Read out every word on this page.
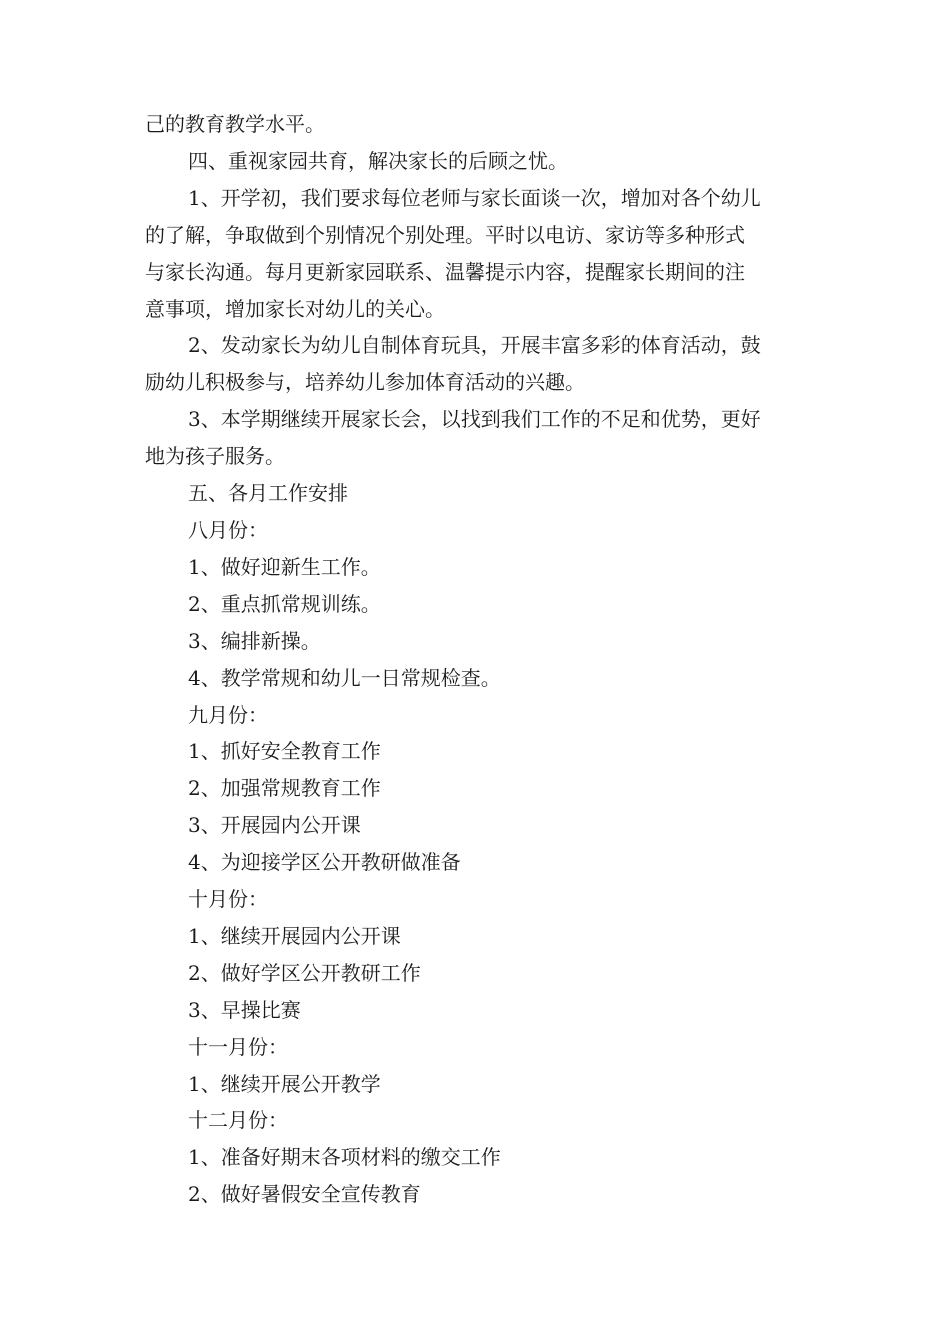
己的教育教学水平。
四、重视家园共育，解决家长的后顾之忧。
1、开学初，我们要求每位老师与家长面谈一次，增加对各个幼儿
的了解，争取做到个别情况个别处理。平时以电访、家访等多种形式
与家长沟通。每月更新家园联系、温馨提示内容，提醒家长期间的注
意事项，增加家长对幼儿的关心。
2、发动家长为幼儿自制体育玩具，开展丰富多彩的体育活动，鼓
励幼儿积极参与，培养幼儿参加体育活动的兴趣。
3、本学期继续开展家长会，以找到我们工作的不足和优势，更好
地为孩子服务。
五、各月工作安排
八月份：
1、做好迎新生工作。
2、重点抓常规训练。
3、编排新操。
4、教学常规和幼儿一日常规检查。
九月份：
1、抓好安全教育工作
2、加强常规教育工作
3、开展园内公开课
4、为迎接学区公开教研做准备
十月份：
1、继续开展园内公开课
2、做好学区公开教研工作
3、早操比赛
十一月份：
1、继续开展公开教学
十二月份：
1、准备好期末各项材料的缴交工作
2、做好暑假安全宣传教育
